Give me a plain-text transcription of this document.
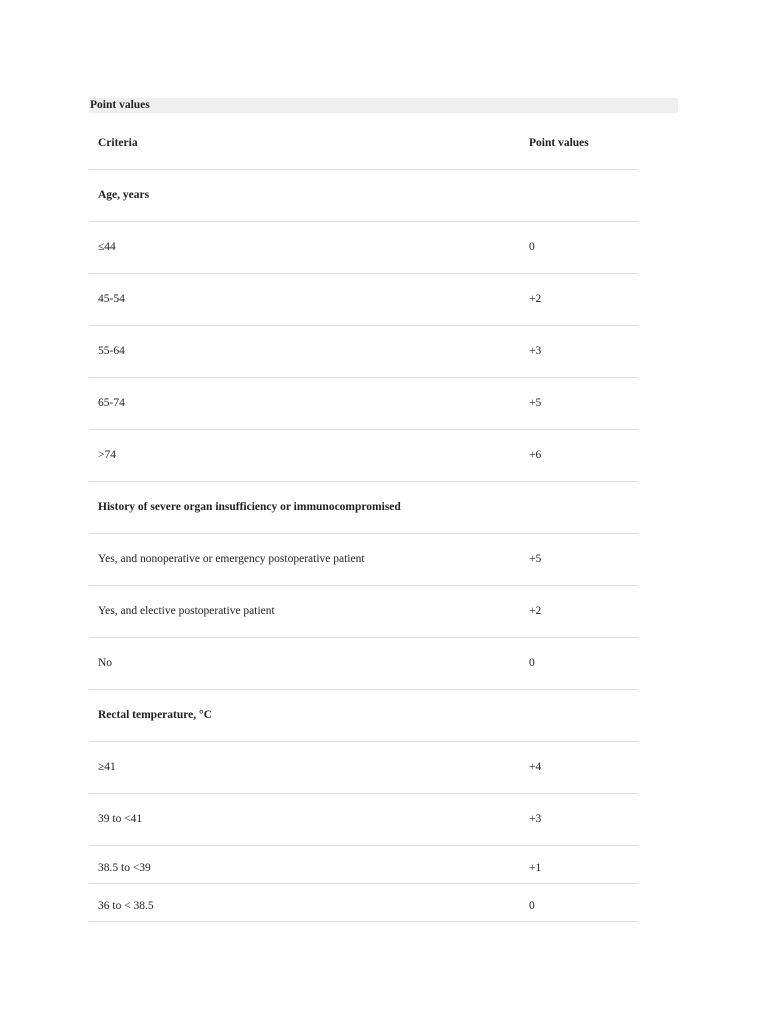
Point values
Criteria	Point values
Age, years
≤44	0
45-54	+2
55-64	+3
65-74	+5
>74	+6
History of severe organ insufficiency or immunocompromised
Yes, and nonoperative or emergency postoperative patient	+5
Yes, and elective postoperative patient	+2
No	0
Rectal temperature, °C
≥41	+4
39 to <41	+3
38.5 to <39	+1
36 to < 38.5	0
